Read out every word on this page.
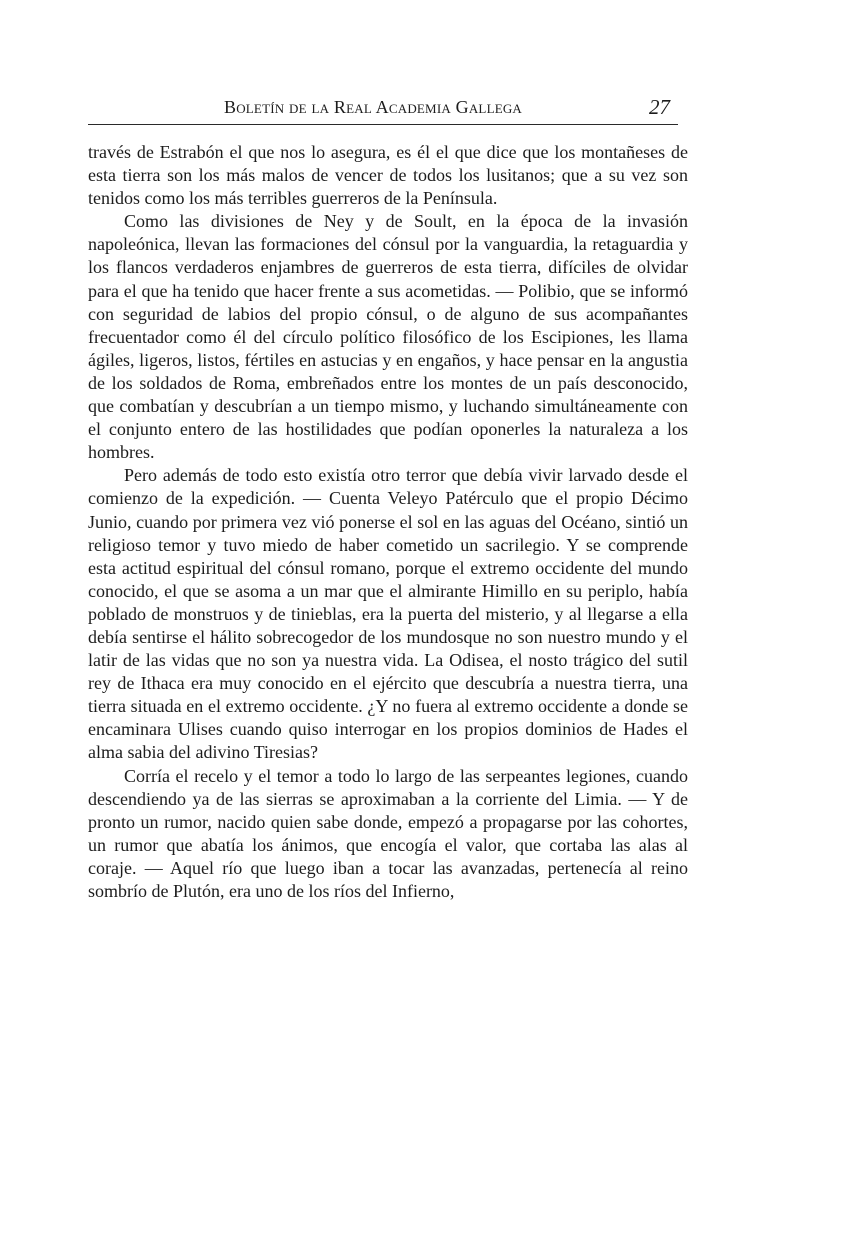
Boletín de la Real Academia Gallega	27

través de Estrabón el que nos lo asegura, es él el que dice que los montañeses de esta tierra son los más malos de vencer de todos los lusitanos; que a su vez son tenidos como los más terribles guerreros de la Península.

Como las divisiones de Ney y de Soult, en la época de la invasión napoleónica, llevan las formaciones del cónsul por la vanguardia, la retaguardia y los flancos verdaderos enjambres de guerreros de esta tierra, difíciles de olvidar para el que ha tenido que hacer frente a sus acometidas. — Polibio, que se informó con seguridad de labios del propio cónsul, o de alguno de sus acompañantes frecuentador como él del círculo político filosófico de los Escipiones, les llama ágiles, ligeros, listos, fértiles en astucias y en engaños, y hace pensar en la angustia de los soldados de Roma, embreñados entre los montes de un país desconocido, que combatían y descubrían a un tiempo mismo, y luchando simultáneamente con el conjunto entero de las hostilidades que podían oponerles la naturaleza a los hombres.

Pero además de todo esto existía otro terror que debía vivir larvado desde el comienzo de la expedición. — Cuenta Veleyo Patérculo que el propio Décimo Junio, cuando por primera vez vió ponerse el sol en las aguas del Océano, sintió un religioso temor y tuvo miedo de haber cometido un sacrilegio. Y se comprende esta actitud espiritual del cónsul romano, porque el extremo occidente del mundo conocido, el que se asoma a un mar que el almirante Himillo en su periplo, había poblado de monstruos y de tinieblas, era la puerta del misterio, y al llegarse a ella debía sentirse el hálito sobrecogedor de los mundosque no son nuestro mundo y el latir de las vidas que no son ya nuestra vida. La Odisea, el nosto trágico del sutil rey de Ithaca era muy conocido en el ejército que descubría a nuestra tierra, una tierra situada en el extremo occidente. ¿Y no fuera al extremo occidente a donde se encaminara Ulises cuando quiso interrogar en los propios dominios de Hades el alma sabia del adivino Tiresias?

Corría el recelo y el temor a todo lo largo de las serpeantes legiones, cuando descendiendo ya de las sierras se aproximaban a la corriente del Limia. — Y de pronto un rumor, nacido quien sabe donde, empezó a propagarse por las cohortes, un rumor que abatía los ánimos, que encogía el valor, que cortaba las alas al coraje. — Aquel río que luego iban a tocar las avanzadas, pertenecía al reino sombrío de Plutón, era uno de los ríos del Infierno,
